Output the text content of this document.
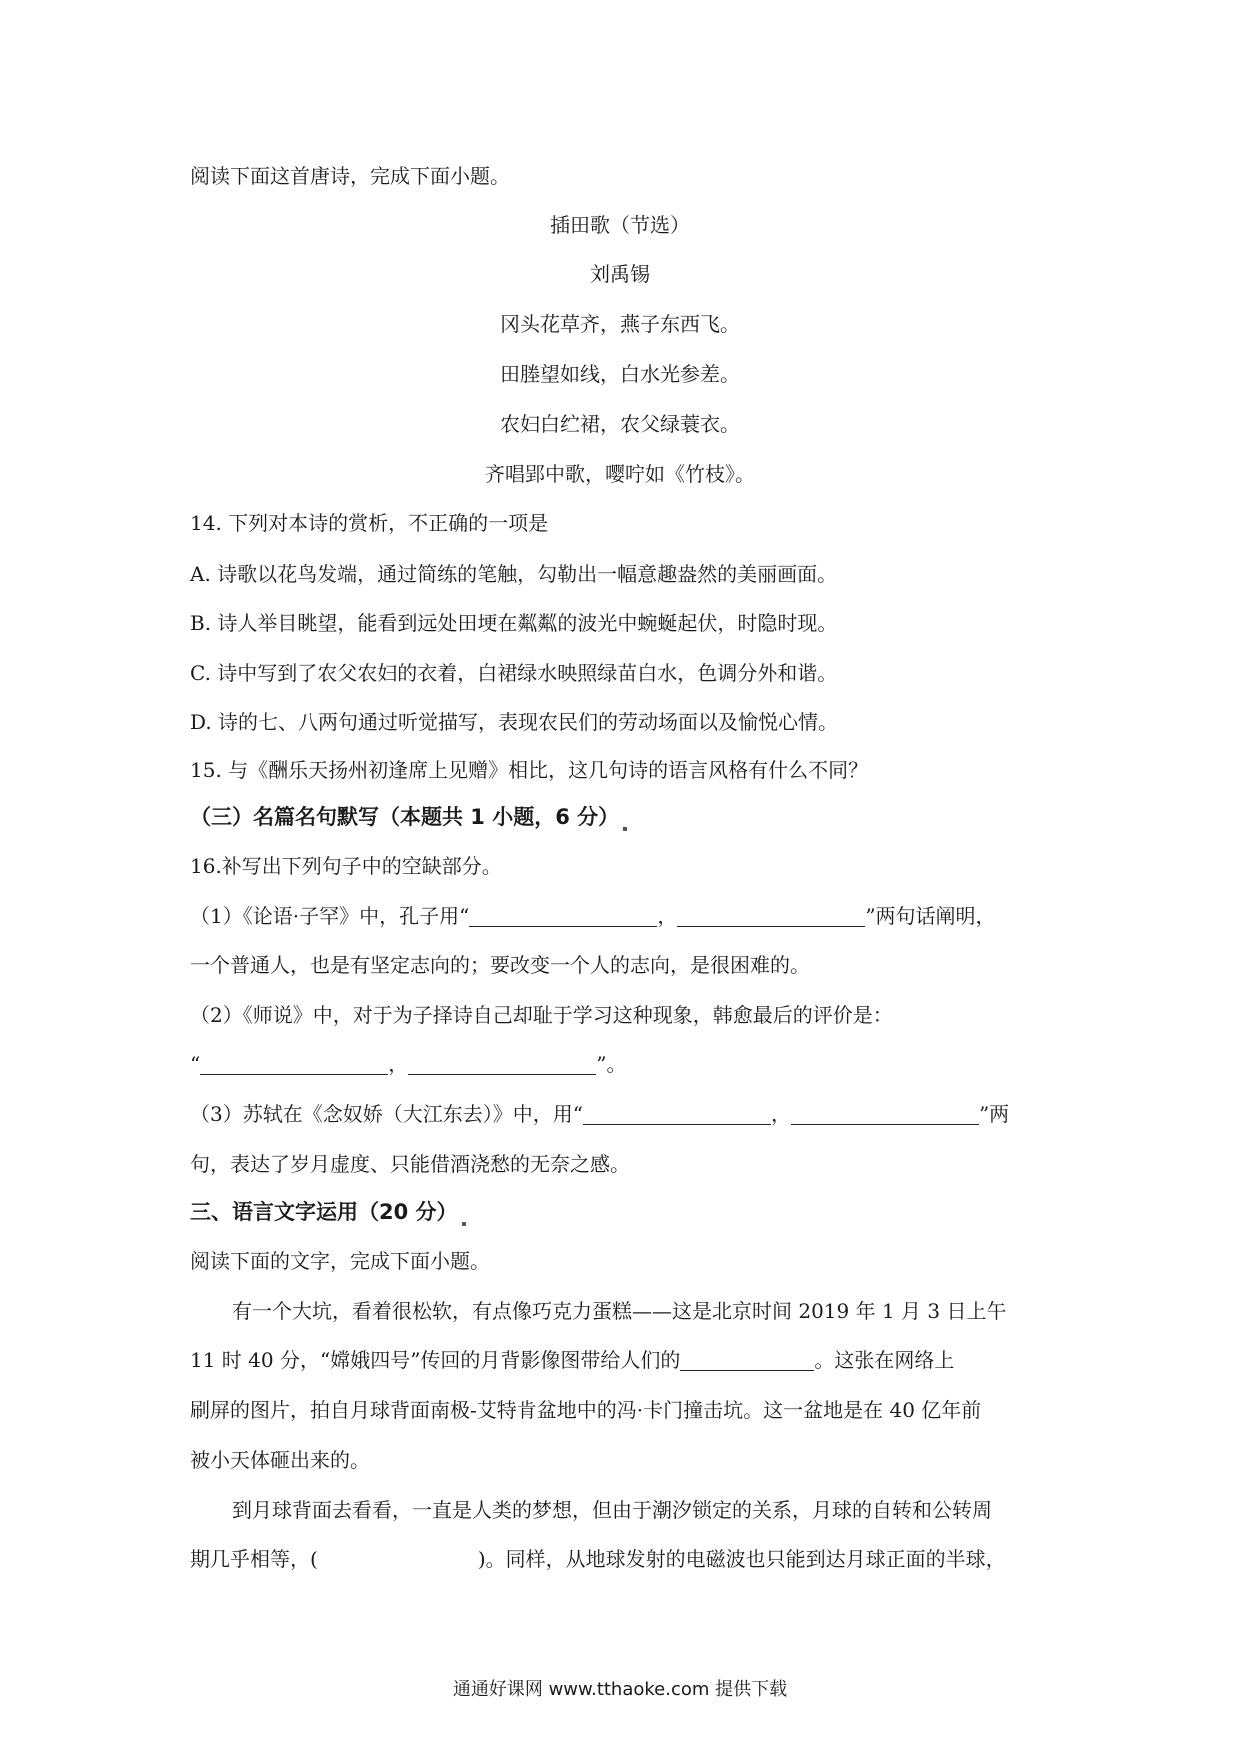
阅读下面这首唐诗，完成下面小题。
插田歌（节选）
刘禹锡
冈头花草齐，燕子东西飞。
田塍望如线，白水光参差。
农妇白纻裙，农父绿蓑衣。
齐唱郢中歌，嘤咛如《竹枝》。
14. 下列对本诗的赏析，不正确的一项是
A. 诗歌以花鸟发端，通过简练的笔触，勾勒出一幅意趣盎然的美丽画面。
B. 诗人举目眺望，能看到远处田埂在粼粼的波光中蜿蜒起伏，时隐时现。
C. 诗中写到了农父农妇的衣着，白裙绿水映照绿苗白水，色调分外和谐。
D. 诗的七、八两句通过听觉描写，表现农民们的劳动场面以及愉悦心情。
15. 与《酬乐天扬州初逢席上见赠》相比，这几句诗的语言风格有什么不同？
（三）名篇名句默写（本题共 1 小题，6 分）
16.补写出下列句子中的空缺部分。
（1）《论语·子罕》中，孔子用“	，	”两句话阐明，
一个普通人，也是有坚定志向的；要改变一个人的志向，是很困难的。
（2）《师说》中，对于为子择诗自己却耻于学习这种现象，韩愈最后的评价是：
“	，	”。
（3）苏轼在《念奴娇（大江东去）》中，用“	，	”两
句，表达了岁月虚度、只能借酒浇愁的无奈之感。
三、语言文字运用（20 分）
阅读下面的文字，完成下面小题。
有一个大坑，看着很松软，有点像巧克力蛋糕——这是北京时间 2019 年 1 月 3 日上午
11 时 40 分，“嫦娥四号”传回的月背影像图带给人们的	。这张在网络上
刷屏的图片，拍自月球背面南极-艾特肯盆地中的冯·卡门撞击坑。这一盆地是在 40 亿年前
被小天体砸出来的。
到月球背面去看看，一直是人类的梦想，但由于潮汐锁定的关系，月球的自转和公转周
期几乎相等，(	)。同样，从地球发射的电磁波也只能到达月球正面的半球，
通通好课网 www.tthaoke.com 提供下载
